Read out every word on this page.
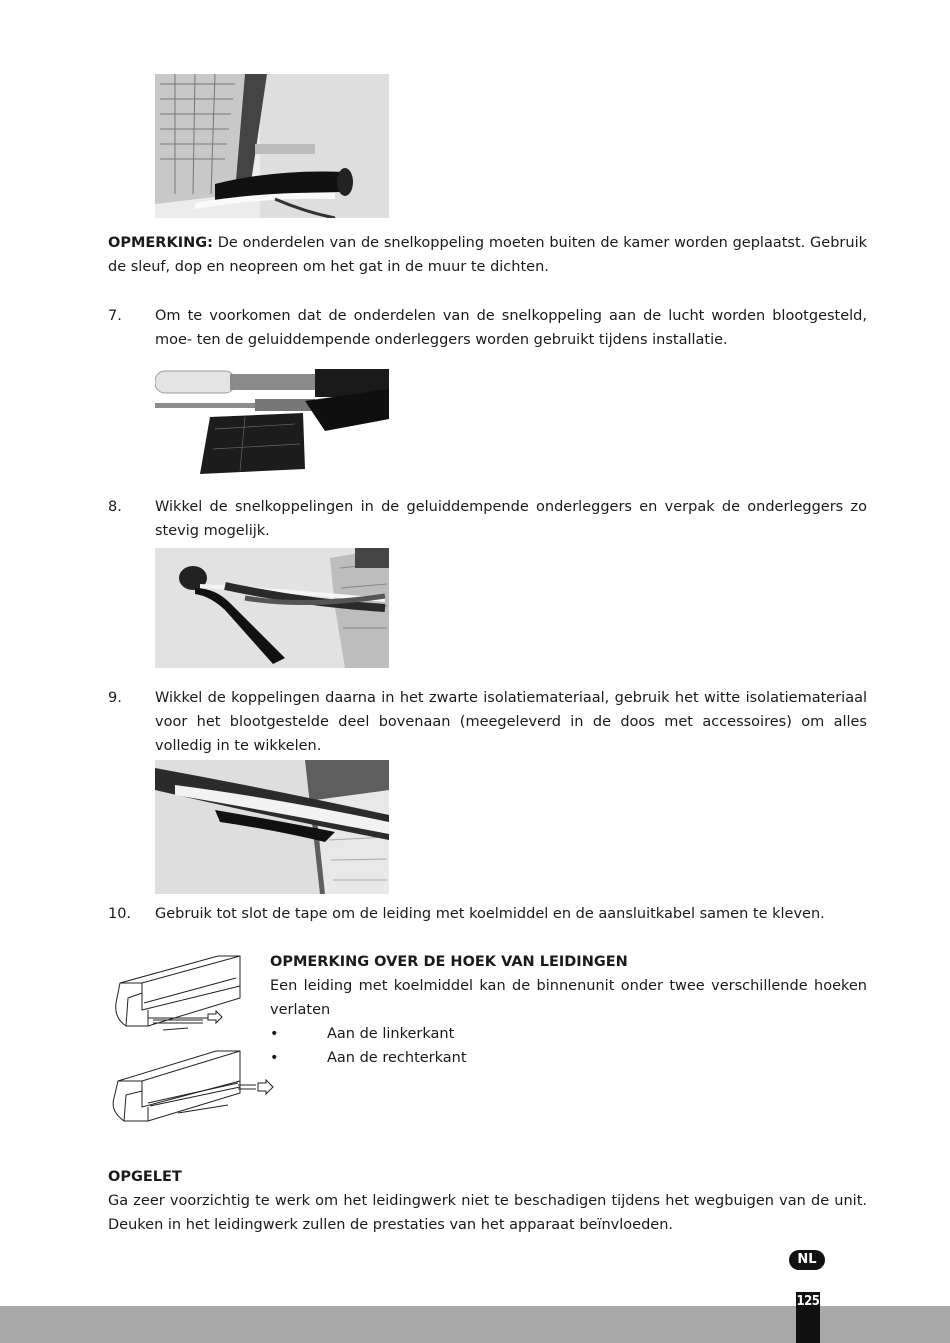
OPMERKING: De onderdelen van de snelkoppeling moeten buiten de kamer worden geplaatst. Gebruik de sleuf, dop en neopreen om het gat in de muur te dichten.
7. Om te voorkomen dat de onderdelen van de snelkoppeling aan de lucht worden blootgesteld, moe- ten de geluiddempende onderleggers worden gebruikt tijdens installatie.
8. Wikkel de snelkoppelingen in de geluiddempende onderleggers en verpak de onderleggers zo stevig mogelijk.
9. Wikkel de koppelingen daarna in het zwarte isolatiemateriaal, gebruik het witte isolatiemateriaal voor het blootgestelde deel bovenaan (meegeleverd in de doos met accessoires) om alles volledig in te wikkelen.
10. Gebruik tot slot de tape om de leiding met koelmiddel en de aansluitkabel samen te kleven.
OPMERKING OVER DE HOEK VAN LEIDINGEN
Een leiding met koelmiddel kan de binnenunit onder twee verschillende hoeken verlaten
•	Aan de linkerkant
•	Aan de rechterkant
OPGELET
Ga zeer voorzichtig te werk om het leidingwerk niet te beschadigen tijdens het wegbuigen van de unit. Deuken in het leidingwerk zullen de prestaties van het apparaat beïnvloeden.
NL
125
